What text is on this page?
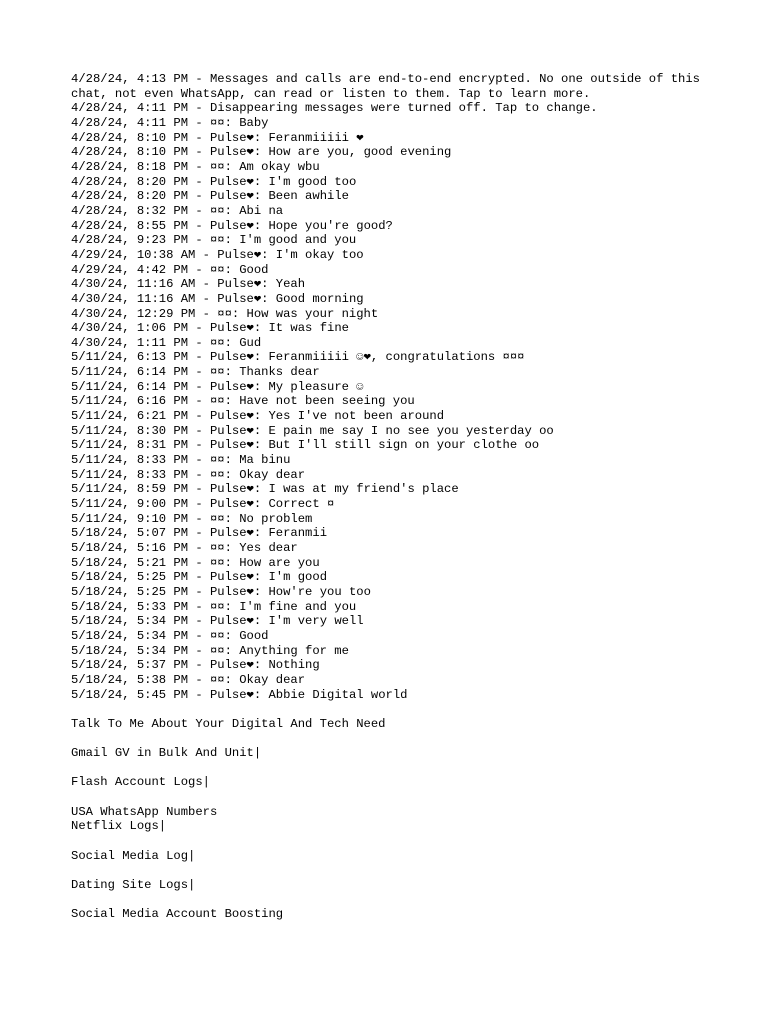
4/28/24, 4:13 PM - Messages and calls are end-to-end encrypted. No one outside of this chat, not even WhatsApp, can read or listen to them. Tap to learn more.
4/28/24, 4:11 PM - Disappearing messages were turned off. Tap to change.
4/28/24, 4:11 PM - ¤¤: Baby
4/28/24, 8:10 PM - Pulse❤: Feranmiiiii ❤
4/28/24, 8:10 PM - Pulse❤: How are you, good evening
4/28/24, 8:18 PM - ¤¤: Am okay wbu
4/28/24, 8:20 PM - Pulse❤: I'm good too
4/28/24, 8:20 PM - Pulse❤: Been awhile
4/28/24, 8:32 PM - ¤¤: Abi na
4/28/24, 8:55 PM - Pulse❤: Hope you're good?
4/28/24, 9:23 PM - ¤¤: I'm good and you
4/29/24, 10:38 AM - Pulse❤: I'm okay too
4/29/24, 4:42 PM - ¤¤: Good
4/30/24, 11:16 AM - Pulse❤: Yeah
4/30/24, 11:16 AM - Pulse❤: Good morning
4/30/24, 12:29 PM - ¤¤: How was your night
4/30/24, 1:06 PM - Pulse❤: It was fine
4/30/24, 1:11 PM - ¤¤: Gud
5/11/24, 6:13 PM - Pulse❤: Feranmiiiii ☺❤, congratulations ¤¤¤
5/11/24, 6:14 PM - ¤¤: Thanks dear
5/11/24, 6:14 PM - Pulse❤: My pleasure ☺
5/11/24, 6:16 PM - ¤¤: Have not been seeing you
5/11/24, 6:21 PM - Pulse❤: Yes I've not been around
5/11/24, 8:30 PM - Pulse❤: E pain me say I no see you yesterday oo
5/11/24, 8:31 PM - Pulse❤: But I'll still sign on your clothe oo
5/11/24, 8:33 PM - ¤¤: Ma binu
5/11/24, 8:33 PM - ¤¤: Okay dear
5/11/24, 8:59 PM - Pulse❤: I was at my friend's place
5/11/24, 9:00 PM - Pulse❤: Correct ¤
5/11/24, 9:10 PM - ¤¤: No problem
5/18/24, 5:07 PM - Pulse❤: Feranmii
5/18/24, 5:16 PM - ¤¤: Yes dear
5/18/24, 5:21 PM - ¤¤: How are you
5/18/24, 5:25 PM - Pulse❤: I'm good
5/18/24, 5:25 PM - Pulse❤: How're you too
5/18/24, 5:33 PM - ¤¤: I'm fine and you
5/18/24, 5:34 PM - Pulse❤: I'm very well
5/18/24, 5:34 PM - ¤¤: Good
5/18/24, 5:34 PM - ¤¤: Anything for me
5/18/24, 5:37 PM - Pulse❤: Nothing
5/18/24, 5:38 PM - ¤¤: Okay dear
5/18/24, 5:45 PM - Pulse❤: Abbie Digital world
Talk To Me About Your Digital And Tech Need
Gmail GV in Bulk And Unit|
Flash Account Logs|
USA WhatsApp Numbers
Netflix Logs|
Social Media Log|
Dating Site Logs|
Social Media Account Boosting
